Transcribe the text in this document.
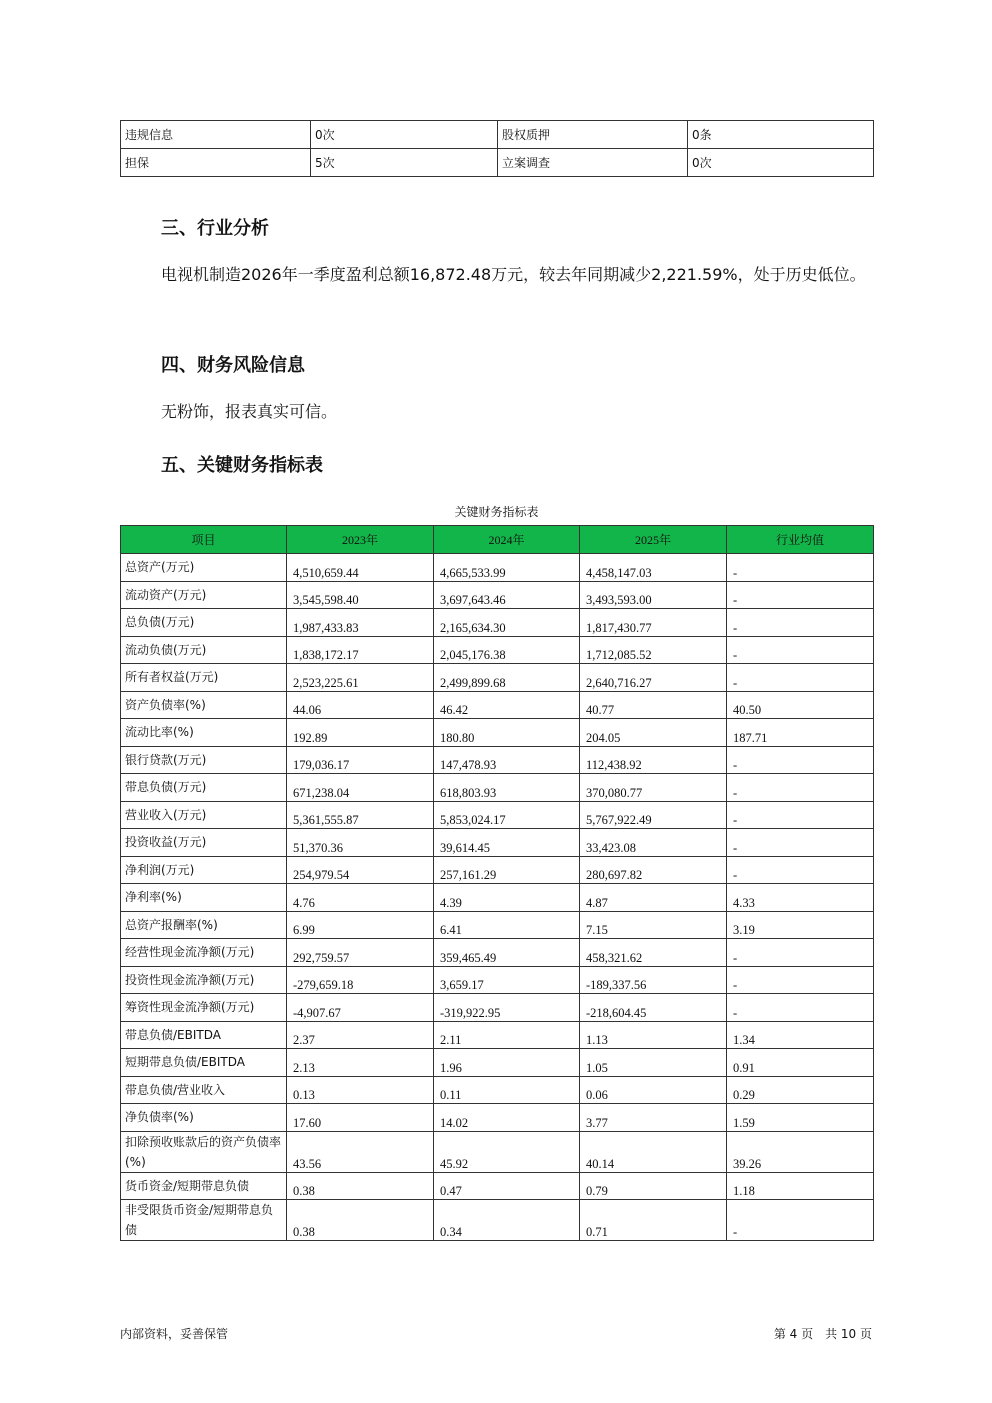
违规信息	0次	股权质押	0条
担保	5次	立案调查	0次
三、行业分析

电视机制造2026年一季度盈利总额16,872.48万元，较去年同期减少2,221.59%，处于历史低位。

四、财务风险信息

无粉饰，报表真实可信。

五、关键财务指标表
关键财务指标表
项目	2023年	2024年	2025年	行业均值
总资产(万元)	4,510,659.44	4,665,533.99	4,458,147.03	-
流动资产(万元)	3,545,598.40	3,697,643.46	3,493,593.00	-
总负债(万元)	1,987,433.83	2,165,634.30	1,817,430.77	-
流动负债(万元)	1,838,172.17	2,045,176.38	1,712,085.52	-
所有者权益(万元)	2,523,225.61	2,499,899.68	2,640,716.27	-
资产负债率(%)	44.06	46.42	40.77	40.50
流动比率(%)	192.89	180.80	204.05	187.71
银行贷款(万元)	179,036.17	147,478.93	112,438.92	-
带息负债(万元)	671,238.04	618,803.93	370,080.77	-
营业收入(万元)	5,361,555.87	5,853,024.17	5,767,922.49	-
投资收益(万元)	51,370.36	39,614.45	33,423.08	-
净利润(万元)	254,979.54	257,161.29	280,697.82	-
净利率(%)	4.76	4.39	4.87	4.33
总资产报酬率(%)	6.99	6.41	7.15	3.19
经营性现金流净额(万元)	292,759.57	359,465.49	458,321.62	-
投资性现金流净额(万元)	-279,659.18	3,659.17	-189,337.56	-
筹资性现金流净额(万元)	-4,907.67	-319,922.95	-218,604.45	-
带息负债/EBITDA	2.37	2.11	1.13	1.34
短期带息负债/EBITDA	2.13	1.96	1.05	0.91
带息负债/营业收入	0.13	0.11	0.06	0.29
净负债率(%)	17.60	14.02	3.77	1.59
扣除预收账款后的资产负债率(%)	43.56	45.92	40.14	39.26
货币资金/短期带息负债	0.38	0.47	0.79	1.18
非受限货币资金/短期带息负债	0.38	0.34	0.71	-
内部资料，妥善保管	第 4 页　共 10 页
